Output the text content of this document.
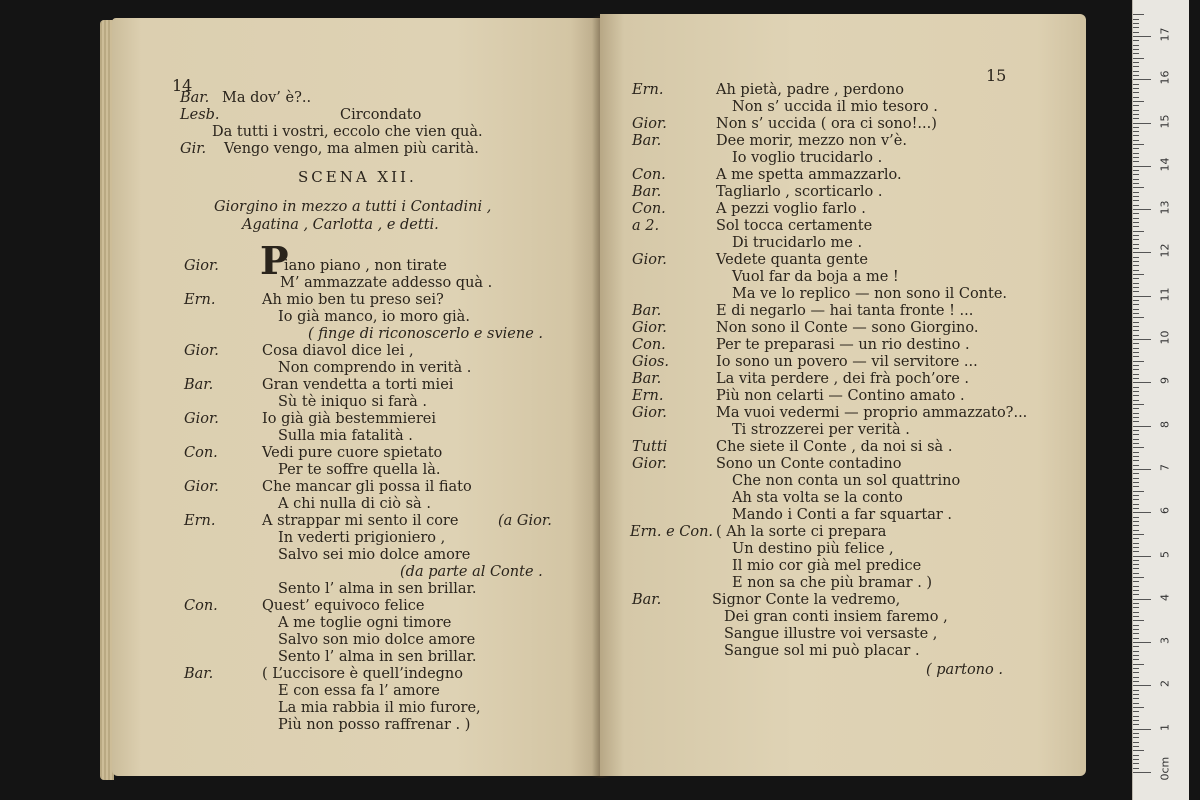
14
Bar. Ma dov’ è?..
Lesb.	Circondato
Da tutti i vostri, eccolo che vien quà.
Gir. Vengo vengo, ma almen più carità.
SCENA XII.
Giorgino in mezzo a tutti i Contadini ,
Agatina , Carlotta , e detti.
P
Gior.	iano piano , non tirate
M’ ammazzate addesso quà .
Ern.	Ah mio ben tu preso sei?
Io già manco, io moro già.
( finge di riconoscerlo e sviene .
Gior.	Cosa diavol dice lei ,
Non comprendo in verità .
Bar.	Gran vendetta a torti miei
Sù tè iniquo si farà .
Gior.	Io già già bestemmierei
Sulla mia fatalità .
Con.	Vedi pure cuore spietato
Per te soffre quella là.
Gior.	Che mancar gli possa il fiato
A chi nulla di ciò sà .
Ern.	A strappar mi sento il core	(a Gior.
In vederti prigioniero ,
Salvo sei mio dolce amore
(da parte al Conte .
Sento l’ alma in sen brillar.
Con.	Quest’ equivoco felice
A me toglie ogni timore
Salvo son mio dolce amore
Sento l’ alma in sen brillar.
Bar.	( L’uccisore è quell’indegno
E con essa fa l’ amore
La mia rabbia il mio furore,
Più non posso raffrenar . )
15
Ern.	Ah pietà, padre , perdono
Non s’ uccida il mio tesoro .
Gior.	Non s’ uccida ( ora ci sono!...)
Bar.	Dee morir, mezzo non v’è.
Io voglio trucidarlo .
Con.	A me spetta ammazzarlo.
Bar.	Tagliarlo , scorticarlo .
Con.	A pezzi voglio farlo .
a 2.	Sol tocca certamente
Di trucidarlo me .
Gior.	Vedete quanta gente
Vuol far da boja a me !
Ma ve lo replico — non sono il Conte.
Bar.	E di negarlo — hai tanta fronte ! ...
Gior.	Non sono il Conte — sono Giorgino.
Con.	Per te preparasi — un rio destino .
Gios.	Io sono un povero — vil servitore ...
Bar.	La vita perdere , dei frà poch’ore .
Ern.	Più non celarti — Contino amato .
Gior.	Ma vuoi vedermi — proprio ammazzato?...
Ti strozzerei per verità .
Tutti	Che siete il Conte , da noi si sà .
Gior.	Sono un Conte contadino
Che non conta un sol quattrino
Ah sta volta se la conto
Mando i Conti a far squartar .
Ern. e Con. ( Ah la sorte ci prepara
Un destino più felice ,
Il mio cor già mel predice
E non sa che più bramar . )
Bar.	Signor Conte la vedremo,
Dei gran conti insiem faremo ,
Sangue illustre voi versaste ,
Sangue sol mi può placar .
( partono .
0cm
1
2
3
4
5
6
7
8
9
10
11
12
13
14
15
16
17
